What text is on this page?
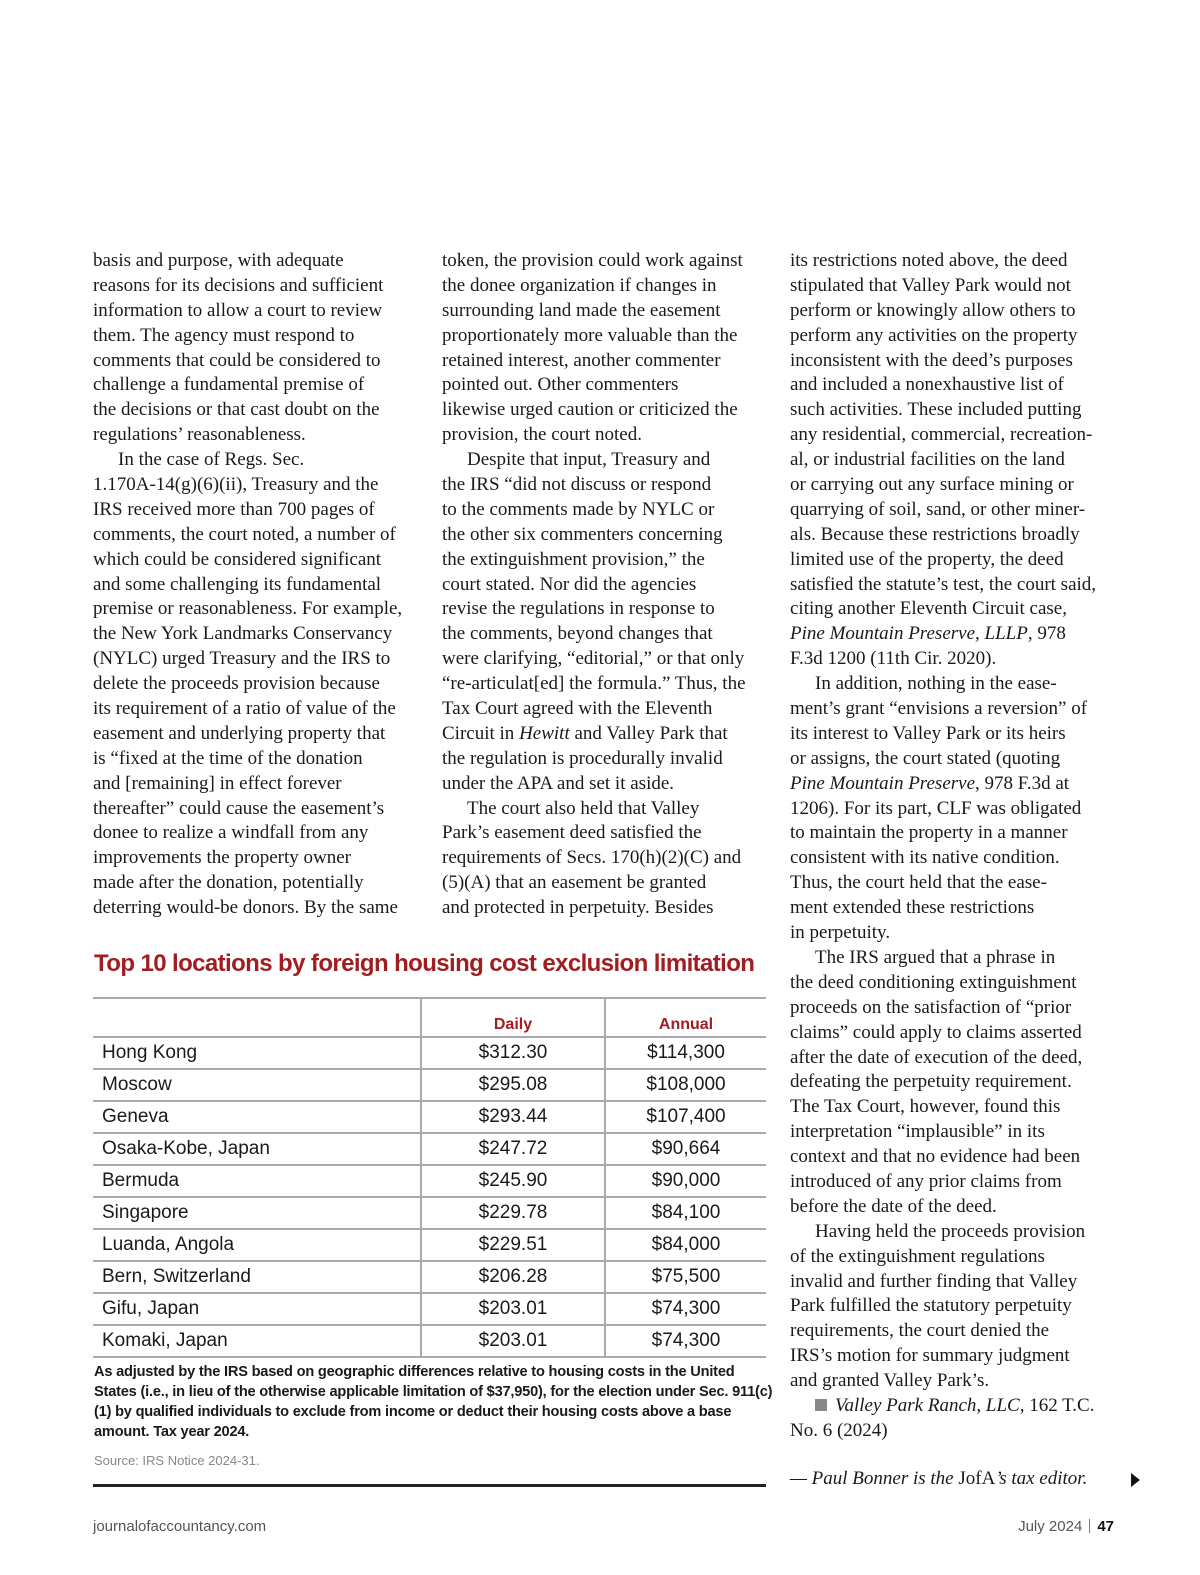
basis and purpose, with adequate
reasons for its decisions and sufficient
information to allow a court to review
them. The agency must respond to
comments that could be considered to
challenge a fundamental premise of
the decisions or that cast doubt on the
regulations’ reasonableness.
In the case of Regs. Sec.
1.170A-14(g)(6)(ii), Treasury and the
IRS received more than 700 pages of
comments, the court noted, a number of
which could be considered significant
and some challenging its fundamental
premise or reasonableness. For example,
the New York Landmarks Conservancy
(NYLC) urged Treasury and the IRS to
delete the proceeds provision because
its requirement of a ratio of value of the
easement and underlying property that
is “fixed at the time of the donation
and [remaining] in effect forever
thereafter” could cause the easement’s
donee to realize a windfall from any
improvements the property owner
made after the donation, potentially
deterring would-be donors. By the same
token, the provision could work against
the donee organization if changes in
surrounding land made the easement
proportionately more valuable than the
retained interest, another commenter
pointed out. Other commenters
likewise urged caution or criticized the
provision, the court noted.
Despite that input, Treasury and
the IRS “did not discuss or respond
to the comments made by NYLC or
the other six commenters concerning
the extinguishment provision,” the
court stated. Nor did the agencies
revise the regulations in response to
the comments, beyond changes that
were clarifying, “editorial,” or that only
“re-articulat[ed] the formula.” Thus, the
Tax Court agreed with the Eleventh
Circuit in Hewitt and Valley Park that
the regulation is procedurally invalid
under the APA and set it aside.
The court also held that Valley
Park’s easement deed satisfied the
requirements of Secs. 170(h)(2)(C) and
(5)(A) that an easement be granted
and protected in perpetuity. Besides
its restrictions noted above, the deed
stipulated that Valley Park would not
perform or knowingly allow others to
perform any activities on the property
inconsistent with the deed’s purposes
and included a nonexhaustive list of
such activities. These included putting
any residential, commercial, recreation-
al, or industrial facilities on the land
or carrying out any surface mining or
quarrying of soil, sand, or other miner-
als. Because these restrictions broadly
limited use of the property, the deed
satisfied the statute’s test, the court said,
citing another Eleventh Circuit case,
Pine Mountain Preserve, LLLP, 978
F.3d 1200 (11th Cir. 2020).
In addition, nothing in the ease-
ment’s grant “envisions a reversion” of
its interest to Valley Park or its heirs
or assigns, the court stated (quoting
Pine Mountain Preserve, 978 F.3d at
1206). For its part, CLF was obligated
to maintain the property in a manner
consistent with its native condition.
Thus, the court held that the ease-
ment extended these restrictions
in perpetuity.
The IRS argued that a phrase in
the deed conditioning extinguishment
proceeds on the satisfaction of “prior
claims” could apply to claims asserted
after the date of execution of the deed,
defeating the perpetuity requirement.
The Tax Court, however, found this
interpretation “implausible” in its
context and that no evidence had been
introduced of any prior claims from
before the date of the deed.
Having held the proceeds provision
of the extinguishment regulations
invalid and further finding that Valley
Park fulfilled the statutory perpetuity
requirements, the court denied the
IRS’s motion for summary judgment
and granted Valley Park’s.
Valley Park Ranch, LLC, 162 T.C.
No. 6 (2024)
Top 10 locations by foreign housing cost exclusion limitation
	Daily	Annual
Hong Kong	$312.30	$114,300
Moscow	$295.08	$108,000
Geneva	$293.44	$107,400
Osaka-Kobe, Japan	$247.72	$90,664
Bermuda	$245.90	$90,000
Singapore	$229.78	$84,100
Luanda, Angola	$229.51	$84,000
Bern, Switzerland	$206.28	$75,500
Gifu, Japan	$203.01	$74,300
Komaki, Japan	$203.01	$74,300
As adjusted by the IRS based on geographic differences relative to housing costs in the United States (i.e., in lieu of the otherwise applicable limitation of $37,950), for the election under Sec. 911(c)(1) by qualified individuals to exclude from income or deduct their housing costs above a base amount. Tax year 2024.
Source: IRS Notice 2024-31.
— Paul Bonner is the JofA’s tax editor.
journalofaccountancy.com	July 2024 47
